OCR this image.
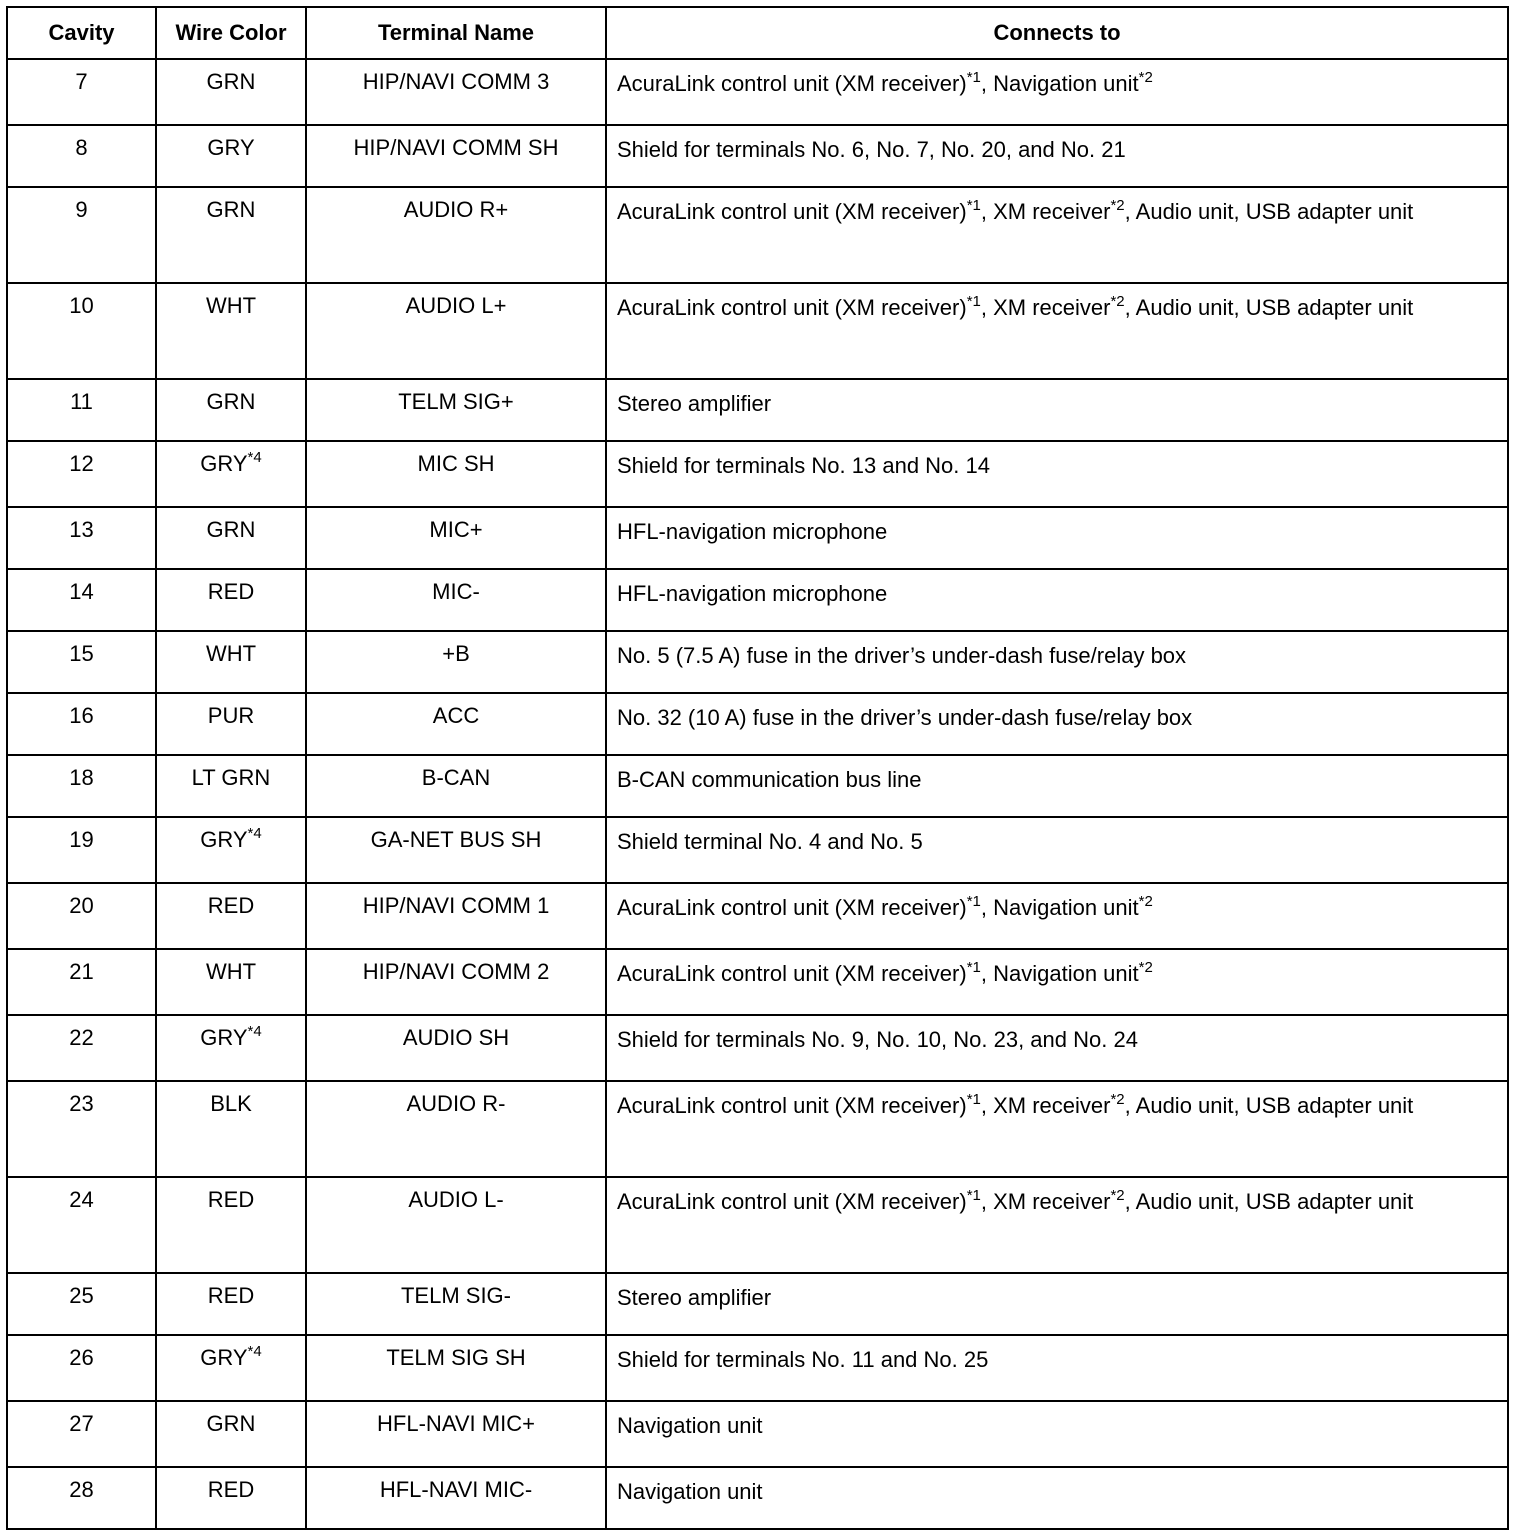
Cavity	Wire Color	Terminal Name	Connects to
7	GRN	HIP/NAVI COMM 3	AcuraLink control unit (XM receiver)$^{*1}$, Navigation unit$^{*2}$
8	GRY	HIP/NAVI COMM SH	Shield for terminals No. 6, No. 7, No. 20, and No. 21
9	GRN	AUDIO R+	AcuraLink control unit (XM receiver)$^{*1}$, XM receiver$^{*2}$, Audio unit, USB adapter unit
10	WHT	AUDIO L+	AcuraLink control unit (XM receiver)$^{*1}$, XM receiver$^{*2}$, Audio unit, USB adapter unit
11	GRN	TELM SIG+	Stereo amplifier
12	GRY$^{*4}$	MIC SH	Shield for terminals No. 13 and No. 14
13	GRN	MIC+	HFL-navigation microphone
14	RED	MIC-	HFL-navigation microphone
15	WHT	+B	No. 5 (7.5 A) fuse in the driver’s under-dash fuse/relay box
16	PUR	ACC	No. 32 (10 A) fuse in the driver’s under-dash fuse/relay box
18	LT GRN	B-CAN	B-CAN communication bus line
19	GRY$^{*4}$	GA-NET BUS SH	Shield terminal No. 4 and No. 5
20	RED	HIP/NAVI COMM 1	AcuraLink control unit (XM receiver)$^{*1}$, Navigation unit$^{*2}$
21	WHT	HIP/NAVI COMM 2	AcuraLink control unit (XM receiver)$^{*1}$, Navigation unit$^{*2}$
22	GRY$^{*4}$	AUDIO SH	Shield for terminals No. 9, No. 10, No. 23, and No. 24
23	BLK	AUDIO R-	AcuraLink control unit (XM receiver)$^{*1}$, XM receiver$^{*2}$, Audio unit, USB adapter unit
24	RED	AUDIO L-	AcuraLink control unit (XM receiver)$^{*1}$, XM receiver$^{*2}$, Audio unit, USB adapter unit
25	RED	TELM SIG-	Stereo amplifier
26	GRY$^{*4}$	TELM SIG SH	Shield for terminals No. 11 and No. 25
27	GRN	HFL-NAVI MIC+	Navigation unit
28	RED	HFL-NAVI MIC-	Navigation unit
